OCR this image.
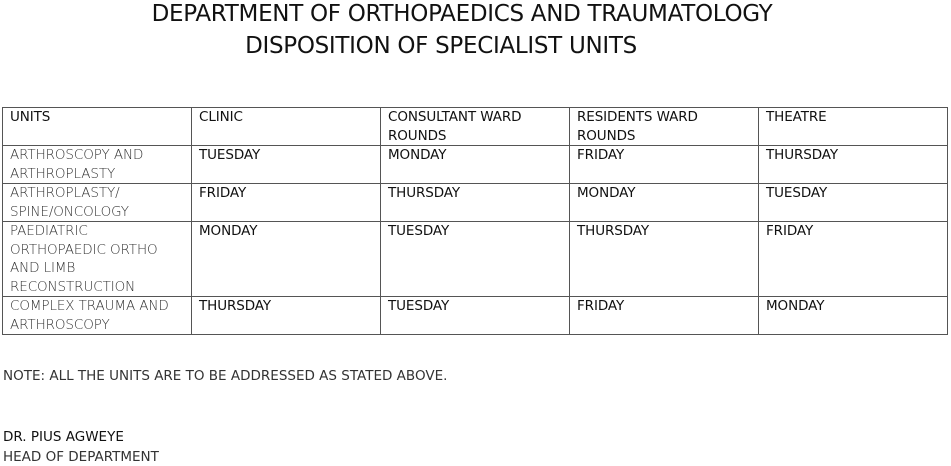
DEPARTMENT OF ORTHOPAEDICS AND TRAUMATOLOGY
DISPOSITION OF SPECIALIST UNITS
UNITS	CLINIC	CONSULTANT WARD ROUNDS	RESIDENTS WARD ROUNDS	THEATRE
ARTHROSCOPY AND ARTHROPLASTY	TUESDAY	MONDAY	FRIDAY	THURSDAY
ARTHROPLASTY/ SPINE/ONCOLOGY	FRIDAY	THURSDAY	MONDAY	TUESDAY
PAEDIATRIC ORTHOPAEDIC ORTHO AND LIMB RECONSTRUCTION	MONDAY	TUESDAY	THURSDAY	FRIDAY
COMPLEX TRAUMA AND ARTHROSCOPY	THURSDAY	TUESDAY	FRIDAY	MONDAY
NOTE: ALL THE UNITS ARE TO BE ADDRESSED AS STATED ABOVE.
DR. PIUS AGWEYE
HEAD OF DEPARTMENT
